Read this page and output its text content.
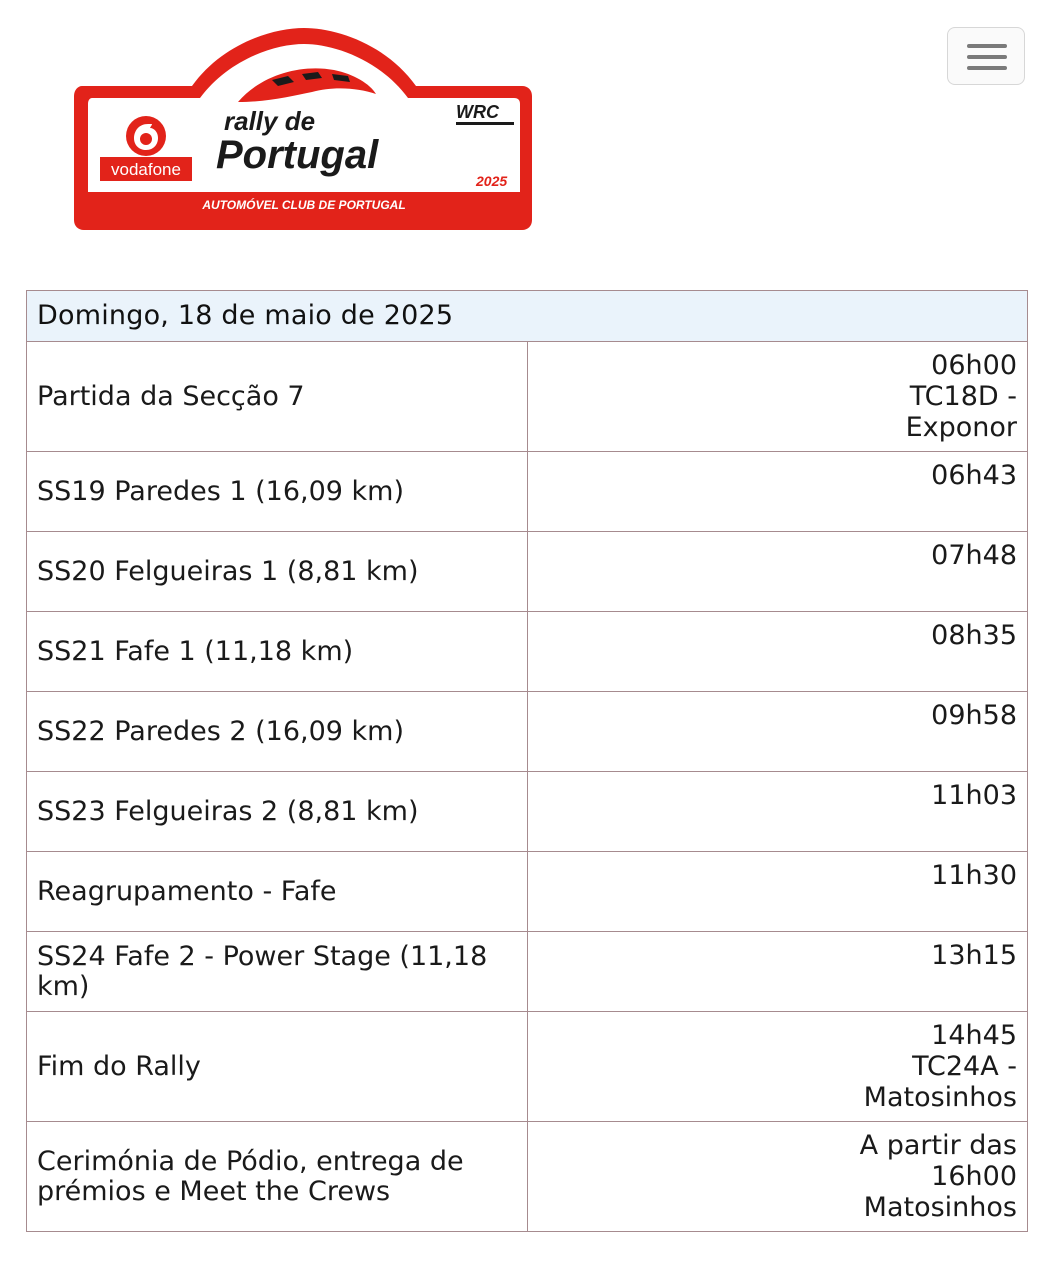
vodafone
rally de
Portugal
WRC
2025
AUTOMÓVEL CLUB DE PORTUGAL
Domingo, 18 de maio de 2025	
Partida da Secção 7	06h00
TC18D -
Exponor

SS19 Paredes 1 (16,09 km)	06h43

SS20 Felgueiras 1 (8,81 km)	07h48

SS21 Fafe 1 (11,18 km)	08h35

SS22 Paredes 2 (16,09 km)	09h58

SS23 Felgueiras 2 (8,81 km)	11h03

Reagrupamento - Fafe	11h30

SS24 Fafe 2 - Power Stage (11,18 km)	13h15

Fim do Rally	14h45
TC24A -
Matosinhos

Cerimónia de Pódio, entrega de prémios e Meet the Crews	A partir das
16h00
Matosinhos
